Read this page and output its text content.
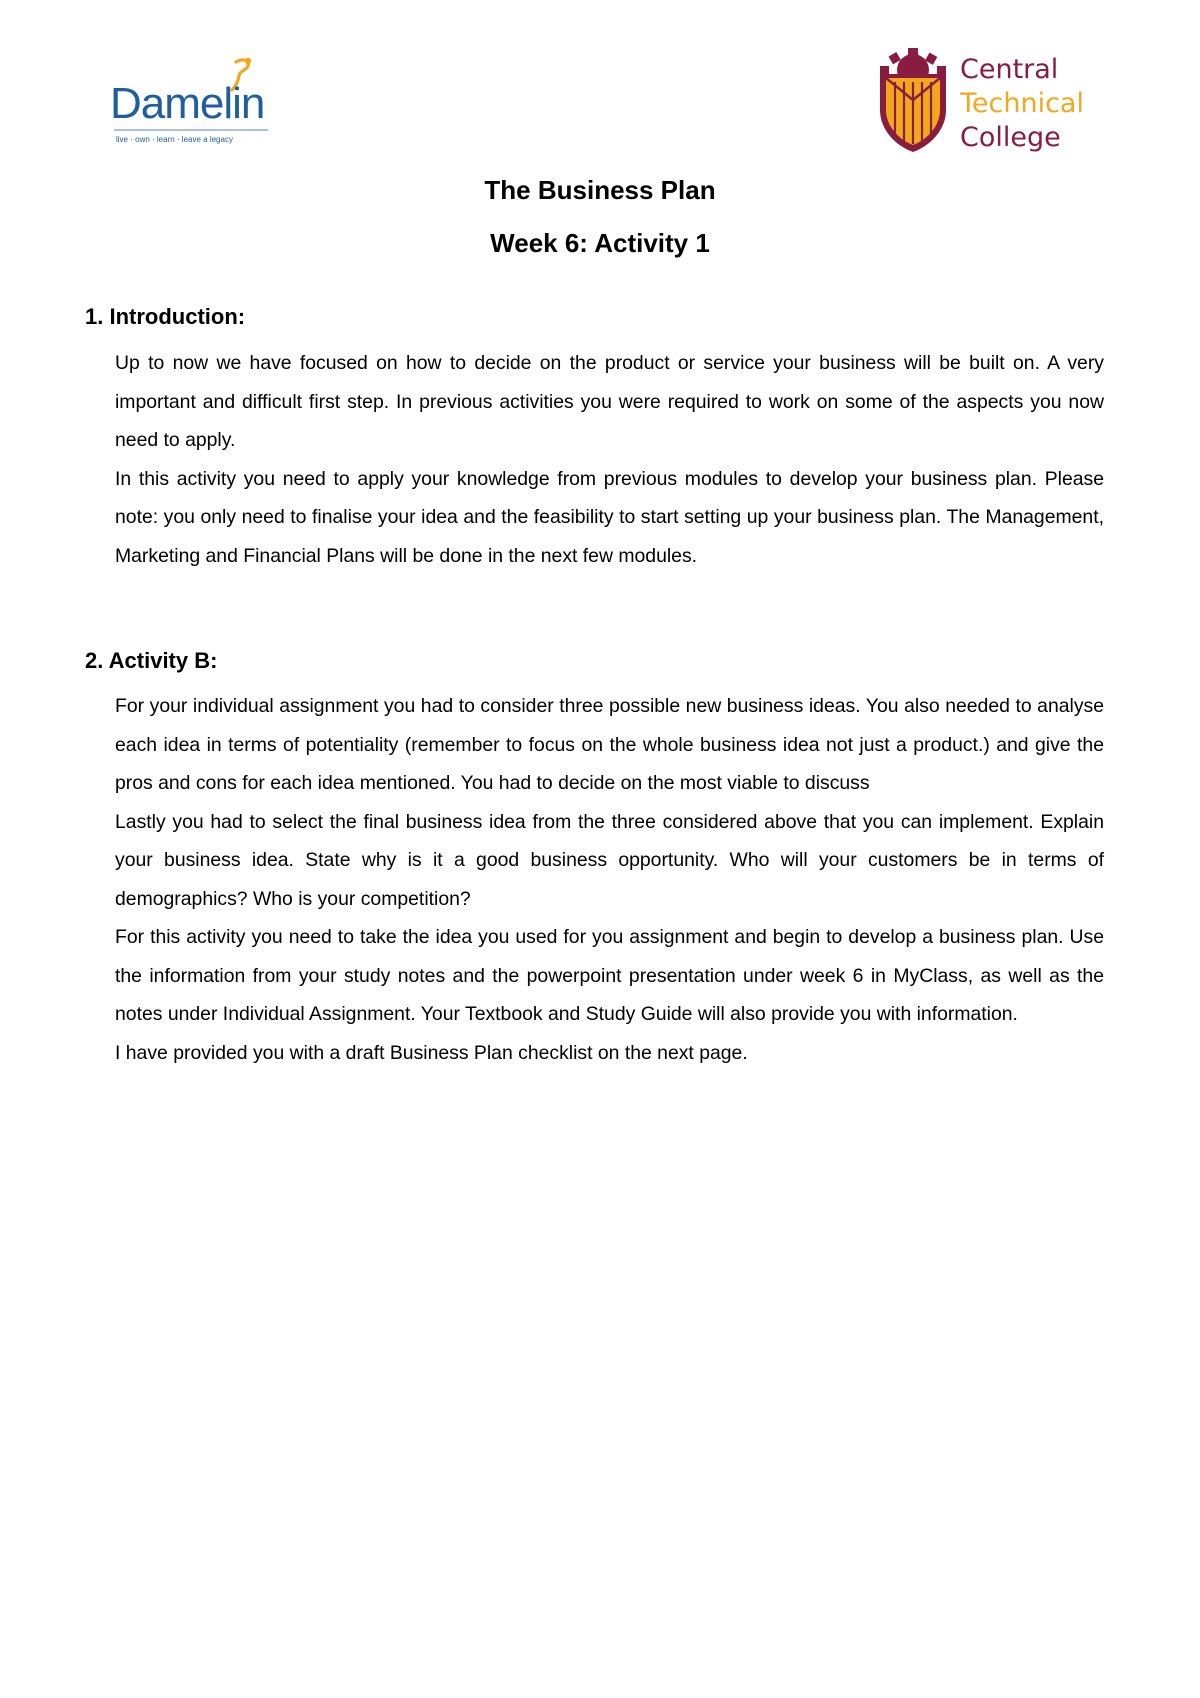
Damelin
live · own · learn · leave a legacy
Central
Technical
College
The Business Plan
Week 6: Activity 1
1. Introduction:

Up to now we have focused on how to decide on the product or service your business will be built on. A very important and difficult first step. In previous activities you were required to work on some of the aspects you now need to apply.

In this activity you need to apply your knowledge from previous modules to develop your business plan. Please note: you only need to finalise your idea and the feasibility to start setting up your business plan. The Management, Marketing and Financial Plans will be done in the next few modules.

2. Activity B:

For your individual assignment you had to consider three possible new business ideas. You also needed to analyse each idea in terms of potentiality (remember to focus on the whole business idea not just a product.) and give the pros and cons for each idea mentioned. You had to decide on the most viable to discuss

Lastly you had to select the final business idea from the three considered above that you can implement. Explain your business idea. State why is it a good business opportunity. Who will your customers be in terms of demographics? Who is your competition?

For this activity you need to take the idea you used for you assignment and begin to develop a business plan. Use the information from your study notes and the powerpoint presentation under week 6 in MyClass, as well as the notes under Individual Assignment. Your Textbook and Study Guide will also provide you with information.

I have provided you with a draft Business Plan checklist on the next page.
